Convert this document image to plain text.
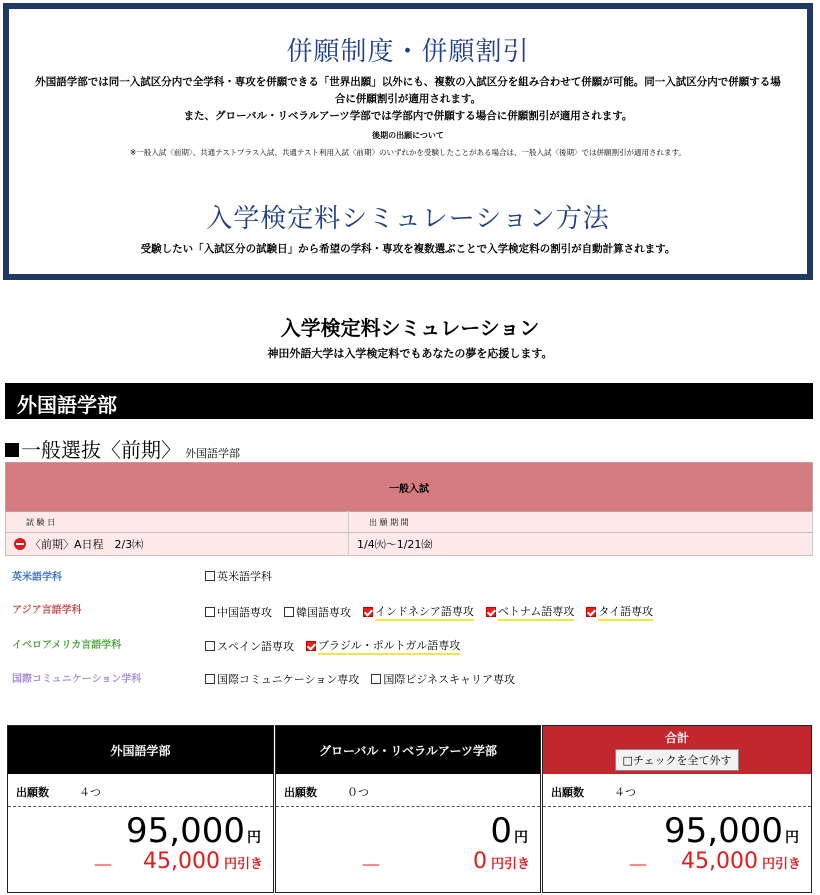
併願制度・併願割引

外国語学部では同一入試区分内で全学科・専攻を併願できる「世界出願」以外にも、複数の入試区分を組み合わせて併願が可能。同一入試区分内で併願する場合に併願割引が適用されます。

また、グローバル・リベラルアーツ学部では学部内で併願する場合に併願割引が適用されます。

後期の出願について
※一般入試〈前期〉、共通テストプラス入試、共通テスト利用入試〈前期〉のいずれかを受験したことがある場合は、一般入試〈後期〉では併願割引が適用されます。
入学検定料シミュレーション方法

受験したい「入試区分の試験日」から希望の学科・専攻を複数選ぶことで入学検定料の割引が自動計算されます。

入学検定料シミュレーション
神田外語大学は入学検定料でもあなたの夢を応援します。
外国語学部
一般選抜〈前期〉 外国語学部
一般入試	
試 験 日	出 願 期 間
〈前期〉A日程　2/3㈭	1/4㈫〜1/21㈮
英米語学科	英米語学科
アジア言語学科	中国語専攻 韓国語専攻 インドネシア語専攻 ベトナム語専攻 タイ語専攻
イベロアメリカ言語学科	スペイン語専攻 ブラジル・ポルトガル語専攻
国際コミュニケーション学科	国際コミュニケーション専攻 国際ビジネスキャリア専攻
外国語学部
出願数	４つ
95,000 円
－ 45,000 円引き
グローバル・リベラルアーツ学部
出願数	０つ
0 円
－	0 円引き
合計
□チェックを全て外す
出願数	４つ
95,000 円
－ 45,000 円引き
